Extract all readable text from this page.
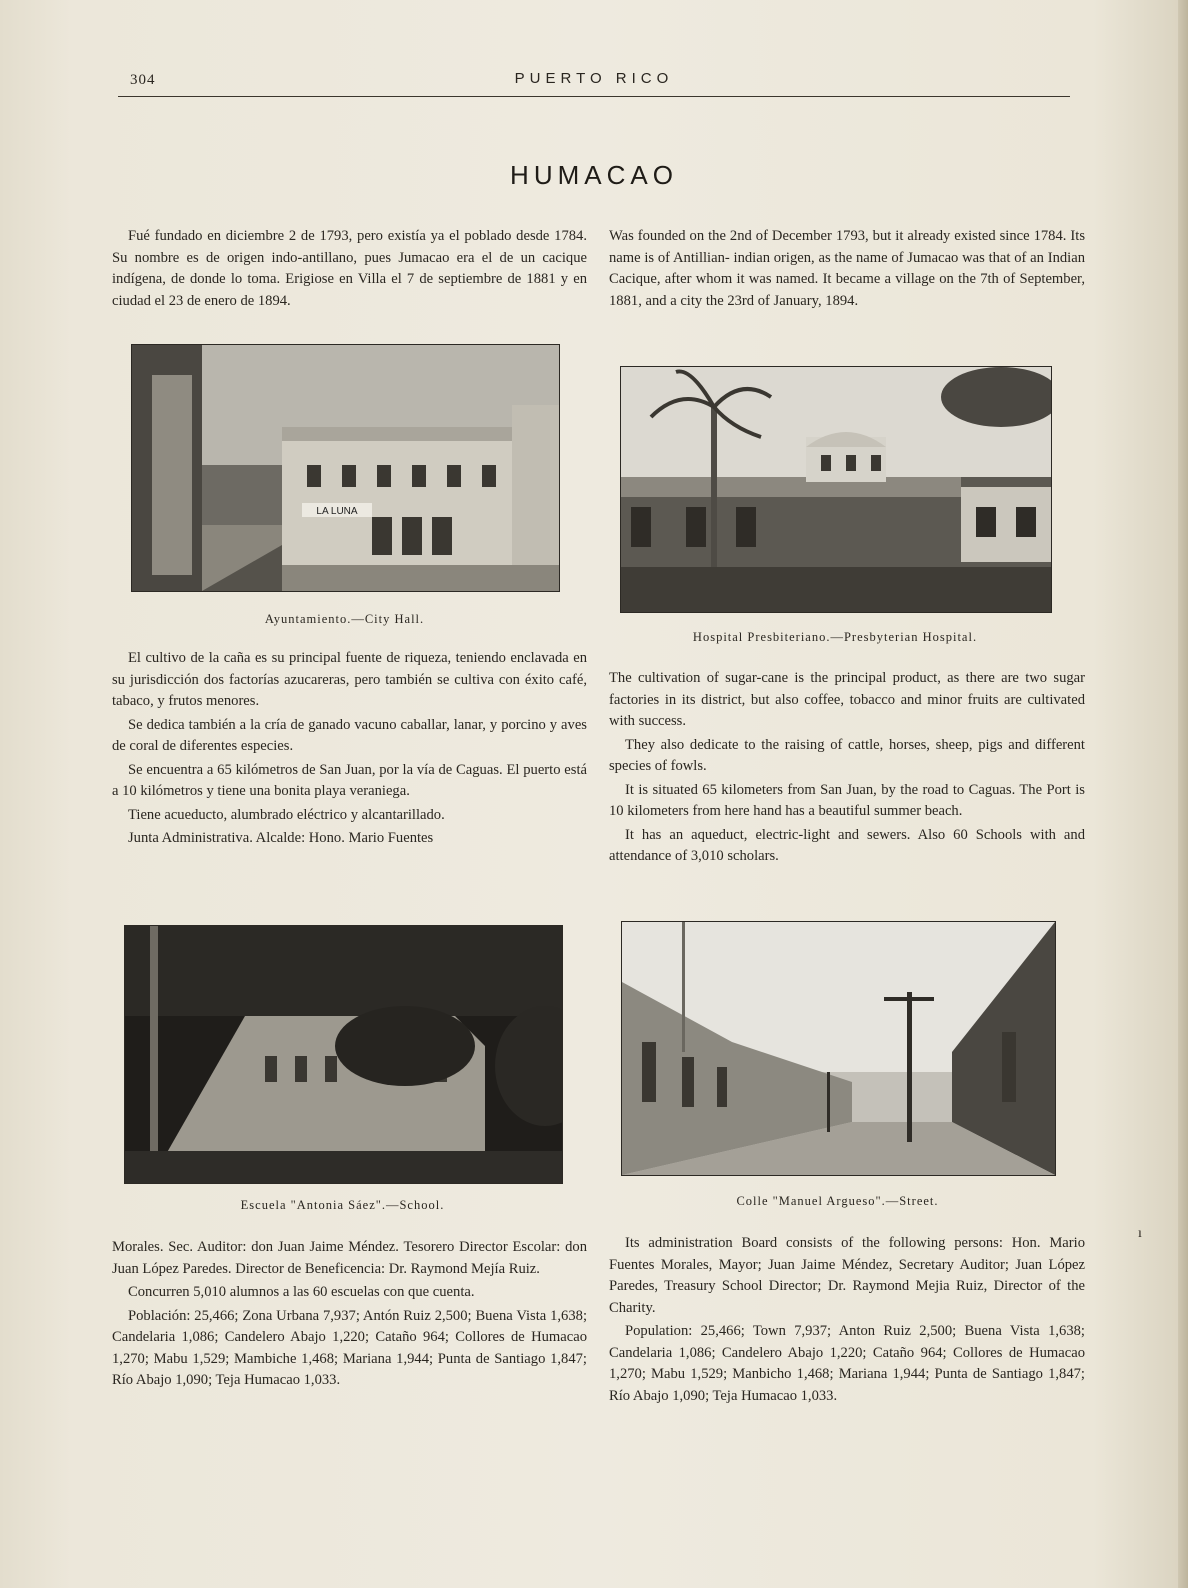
304	PUERTO RICO
HUMACAO

Fué fundado en diciembre 2 de 1793, pero existía ya el poblado desde 1784. Su nombre es de origen indo-antillano, pues Jumacao era el de un cacique indígena, de donde lo toma. Erigiose en Villa el 7 de septiembre de 1881 y en ciudad el 23 de enero de 1894.

Was founded on the 2nd of December 1793, but it already existed since 1784. Its name is of Antillian- indian origen, as the name of Jumacao was that of an Indian Cacique, after whom it was named. It became a village on the 7th of September, 1881, and a city the 23rd of January, 1894.

LA LUNA
Ayuntamiento.—City Hall.
Hospital Presbiteriano.—Presbyterian Hospital.

El cultivo de la caña es su principal fuente de riqueza, teniendo enclavada en su jurisdicción dos factorías azucareras, pero también se cultiva con éxito café, tabaco, y frutos menores.

Se dedica también a la cría de ganado vacuno caballar, lanar, y porcino y aves de coral de diferentes especies.

Se encuentra a 65 kilómetros de San Juan, por la vía de Caguas. El puerto está a 10 kilómetros y tiene una bonita playa veraniega.

Tiene acueducto, alumbrado eléctrico y alcantarillado.

Junta Administrativa. Alcalde: Hono. Mario Fuentes

The cultivation of sugar-cane is the principal product, as there are two sugar factories in its district, but also coffee, tobacco and minor fruits are cultivated with success.

They also dedicate to the raising of cattle, horses, sheep, pigs and different species of fowls.

It is situated 65 kilometers from San Juan, by the road to Caguas. The Port is 10 kilometers from here hand has a beautiful summer beach.

It has an aqueduct, electric-light and sewers. Also 60 Schools with and attendance of 3,010 scholars.

Escuela "Antonia Sáez".—School.	Colle "Manuel Argueso".—Street.

Morales. Sec. Auditor: don Juan Jaime Méndez. Tesorero Director Escolar: don Juan López Paredes. Director de Beneficencia: Dr. Raymond Mejía Ruiz.

Concurren 5,010 alumnos a las 60 escuelas con que cuenta.

Población: 25,466; Zona Urbana 7,937; Antón Ruiz 2,500; Buena Vista 1,638; Candelaria 1,086; Candelero Abajo 1,220; Cataño 964; Collores de Humacao 1,270; Mabu 1,529; Mambiche 1,468; Mariana 1,944; Punta de Santiago 1,847; Río Abajo 1,090; Teja Humacao 1,033.

Its administration Board consists of the following persons: Hon. Mario Fuentes Morales, Mayor; Juan Jaime Méndez, Secretary Auditor; Juan López Paredes, Treasury School Director; Dr. Raymond Mejia Ruiz, Director of the Charity.

Population: 25,466; Town 7,937; Anton Ruiz 2,500; Buena Vista 1,638; Candelaria 1,086; Candelero Abajo 1,220; Cataño 964; Collores de Humacao 1,270; Mabu 1,529; Manbicho 1,468; Mariana 1,944; Punta de Santiago 1,847; Río Abajo 1,090; Teja Humacao 1,033.

ı
